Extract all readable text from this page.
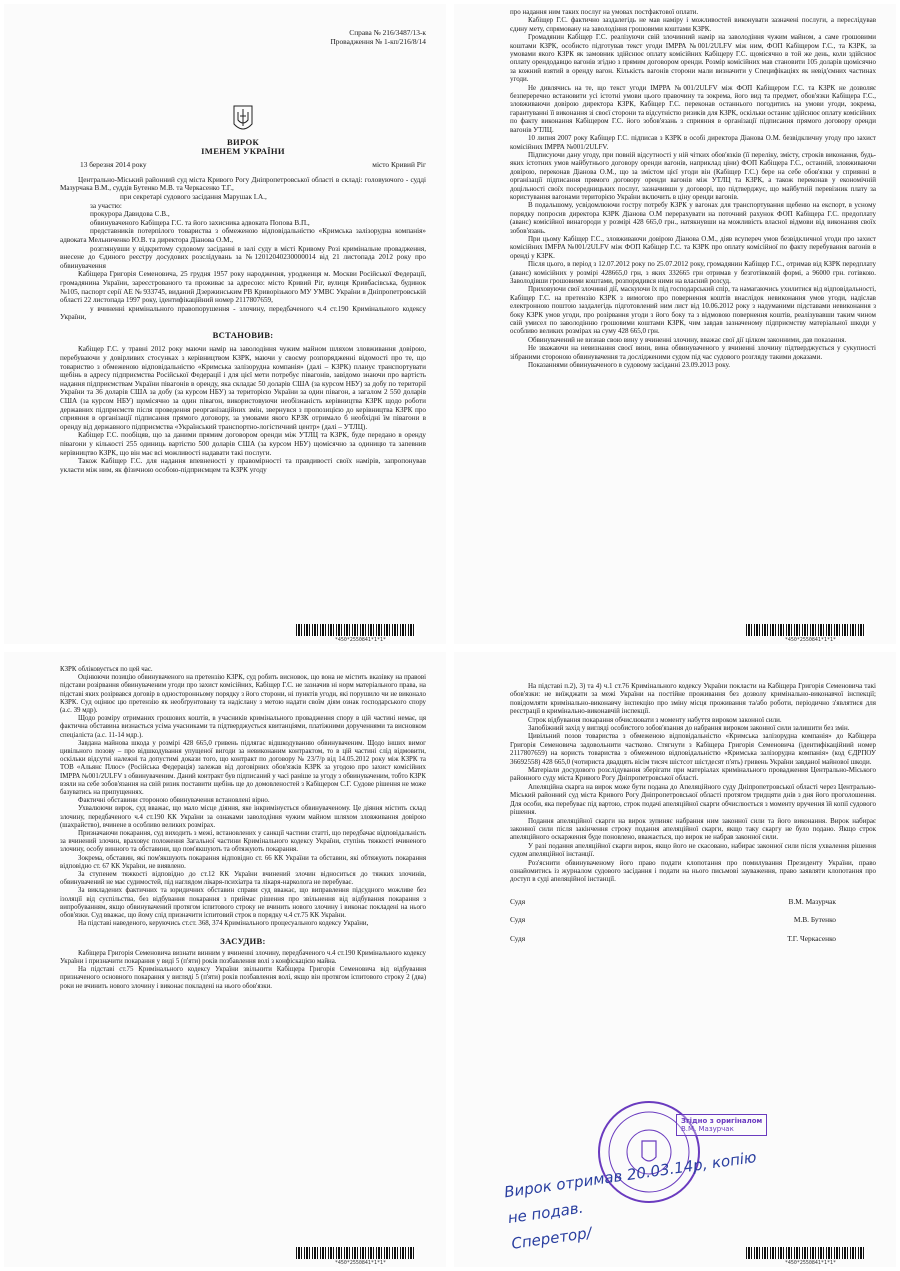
Справа № 216/3487/13-к
Провадження № 1-кп/216/8/14
ВИРОК
ІМЕНЕМ УКРАЇНИ
13 березня 2014 року	місто Кривий Ріг

Центрально-Міський районний суд міста Кривого Рогу Дніпропетровської області в складі: головуючого - судді Мазурчака В.М., суддів Бутенко М.В. та Черкасенко Т.Г.,

при секретарі судового засідання Марушак І.А.,

за участю:

прокурора Давидова С.В.,

обвинуваченого Кабіщера Г.С. та його захисника адвоката Попова В.П.,

представників потерпілого товариства з обмеженою відповідальністю «Кримська залізорудна компанія» адвоката Мельниченко Ю.В. та директора Діанова О.М.,

розглянувши у відкритому судовому засіданні в залі суду в місті Кривому Розі кримінальне провадження, внесене до Єдиного реєстру досудових розслідувань за №12012040230000014 від 21 листопада 2012 року про обвинувачення

Кабіщера Григорія Семеновича, 25 грудня 1957 року народження, уродженця м. Москви Російської Федерації, громадянина України, зареєстрованого та проживає за адресою: місто Кривий Ріг, вулиця Кривбасівська, будинок №105, паспорт серії АЕ № 933745, виданий Дзержинським РВ Криворізького МУ УМВС України в Дніпропетровській області 22 листопада 1997 року, ідентифікаційний номер 2117807659,

у вчиненні кримінального правопорушення - злочину, передбаченого ч.4 ст.190 Кримінального кодексу України,

ВСТАНОВИВ:

Кабіщер Г.С. у травні 2012 року маючи намір на заволодіння чужим майном шляхом зловживання довірою, перебуваючи у довірливих стосунках з керівництвом КЗРК, маючи у своєму розпорядженні відомості про те, що товариство з обмеженою відповідальністю «Кримська залізорудна компанія» (далі – КЗРК) планує транспортувати щебінь в адресу підприємства Російської Федерації і для цієї мети потребує півагонів, завідомо знаючи про вартість надання підприємствам України півагонів в оренду, яка складає 50 доларів США (за курсом НБУ) за добу по території України та 36 доларів США за добу (за курсом НБУ) за територією України за один півагон, а загалом 2 550 доларів США (за курсом НБУ) щомісячно за один півагон, використовуючи необізнаність керівництва КЗРК щодо роботи державних підприємств після проведення реорганізаційних змін, звернувся з пропозицією до керівництва КЗРК про сприяння в організації підписання прямого договору, за умовами якого КРЗК отримало б необхідні їм півагони в оренду від державного підприємства «Український транспортно-логістичний центр» (далі – УТЛЦ).

Кабіщер Г.С. пообіцяв, що за даними прямим договором оренди між УТЛЦ та КЗРК, буде переданo в оренду півагони у кількості 255 одиниць вартістю 500 доларів США (за курсом НБУ) щомісячно за одиницю та запевнив керівництво КЗРК, що він має всі можливості надавати такі послуги.

Також Кабіщер Г.С. для надання впевненості у правомірності та правдивості своїх намірів, запропонував укласти між ним, як фізичною особою-підприємцем та КЗРК угоду

*450*2550841*1*1*

про надання ним таких послуг на умовах постфактової оплати.

Кабіщер Г.С. фактично заздалегідь не мав наміру і можливостей виконувати зазначені послуги, а переслідував єдину мету, спрямовану на заволодіння грошовими коштами КЗРК.

Громадянин Кабіщер Г.С. реалізуючи свій злочинний намір на заволодіння чужим майном, а саме грошовими коштами КЗРК, особисто підготував текст угоди ІМРРА №001/2ULFV між ним, ФОП Кабіщером Г.С., та КЗРК, за умовами якого КЗРК як замовник здійснює оплату комісійних Кабіщеру Г.С. щомісячно в той же день, коли здійснює оплату орендодавцю вагонів згідно з прямим договором оренди. Розмір комісійних мав становити 105 доларів щомісячно за кожний взятий в оренду вагон. Кількість вагонів сторони мали визначити у Специфікаціях як невід'ємних частинах угоди.

Не дивлячись на те, що текст угоди ІМРРА №001/2ULFV між ФОП Кабіщером Г.С. та КЗРК не дозволяє безпереречно встановити усі істотні умови цього правочину та зокрема, його вид та предмет, обов'язки Кабіщера Г.С., зловживаючи довірою директора КЗРК, Кабіщер Г.С. переконав останнього погодитись на умови угоди, зокрема, гарантуванні її виконання зі своєї сторони та відсутністю ризиків для КЗРК, оскільки останнє здійснює оплату комісійних по факту виконання Кабіщером Г.С. його зобов'язань з сприяння в організації підписання прямого договору оренди вагонів УТЛЦ.

10 липня 2007 року Кабіщер Г.С. підписав з КЗРК в особі директора Діанова О.М. безвідкличну угоду про захист комісійних ІМРРА №001/2ULFV.

Підписуючи дану угоду, при повній відсутності у ній чітких обов'язків (її переліку, змісту, строків виконання, будь-яких істотних умов майбутнього договору оренди вагонів, наприклад ціни) ФОП Кабіщера Г.С., останній, зловживаючи довірою, переконав Діанова О.М., що за змістом цієї угоди він (Кабіщер Г.С.) бере на себе обов'язки у сприянні в організації підписання прямого договору оренди вагонів між УТЛЦ та КЗРК, а також переконав у економічній доцільності своїх посередницьких послуг, зазначивши у договорі, що підтверджує, що майбутній перевізник плату за користування вагонами територією України включить в ціну оренди вагонів.

В подальшому, усвідомлюючи гостру потребу КЗРК у вагонах для транспортування щебеню на експорт, в усному порядку попросив директора КЗРК Діанова О.М перерахувати на поточний рахунок ФОП Кабіщера Г.С. предоплату (аванс) комісійної винагороди у розмірі 428 665,0 грн., натякнувши на можливість власної відмови від виконання своїх зобов'язань.

При цьому Кабіщер Г.С., зловживаючи довірою Діанова О.М., діяв всупереч умов безвідкличної угоди про захист комісійних IMFPA №001/2ULFV між ФОП Кабіщер Г.С. та КЗРК про оплату комісійної по факту перебування вагонів в оренді у КЗРК.

Після цього, в період з 12.07.2012 року по 25.07.2012 року, громадянин Кабіщер Г.С., отримав від КЗРК передплату (аванс) комісійних у розмірі 428665,0 грн, з яких 332665 грн отримав у безготівковій формі, а 96000 грн. готівкою. Заволодівши грошовими коштами, розпорядився ними на власний розсуд.

Приховуючи свої злочинні дії, маскуючи їх під господарський спір, та намагаючись ухилитися від відповідальності, Кабіщер Г.С. на претензію КЗРК з вимогою про повернення коштів внаслідок невиконання умов угоди, надіслав електронною поштою заздалегідь підготовлений ним лист від 10.06.2012 року з надуманими підставами невиконання з боку КЗРК умов угоди, про розірвання угоди з його боку та з відмовою повернення коштів, реалізувавши таким чином свій умисел по заволодінню грошовими коштами КЗРК, чим завдав зазначеному підприємству матеріальної шкоди у особливо великих розмірах на суму 428 665,0 грн.

Обвинувачений не визнав свою вину у вчиненні злочину, вважає свої дії цілком законними, дав показання.

Не зважаючи на невизнання своєї вини, вина обвинуваченого у вчиненні злочину підтверджується у сукупності зібраними стороною обвинувачення та дослідженими судом під час судового розгляду такими доказами.

Показаннями обвинуваченого в судовому засіданні 23.09.2013 року.

*450*2550841*1*1*

КЗРК обліковується по цей час.

Оцінюючи позицію обвинуваченого на претензію КЗРК, суд робить висновок, що вона не містить вказівку на правові підстави розірвання обвинуваченим угоди про захист комісійних, Кабіщер Г.С. не зазначив ні норм матеріального права, на підставі яких розірвався договір в односторонньому порядку з його сторони, ні пунктів угоди, які порушило чи не виконало КЗРК. Суд оцінює цю претензію як необґрунтовану та надіслану з метою надати своїм діям ознак господарського спору (а.с. 39 мдр).

Щодо розміру отриманих грошових коштів, в учасників кримінального провадження спору в цій частині немає, ця фактична обставина визнається усіма учасниками та підтверджується квитанціями, платіжними дорученнями та висновком спеціаліста (а.с. 11-14 мдр.).

Завдана майнова шкода у розмірі 428 665,0 гривень підлягає відшкодуванню обвинуваченим. Щодо інших вимог цивільного позову – про відшкодування упущеної вигоди за невиконаним контрактом, то в цій частині слід відмовити, оскільки відсутні належні та допустимі докази того, що контракт по договору № 23/7/р від 14.05.2012 року між КЗРК та ТОВ «Альянс Плюс» (Російська Федерація) залежав від договірних обов'язків КЗРК за угодою про захист комісійних ІМРРА №001/2ULFV з обвинуваченим. Даний контракт був підписаний у часі раніше за угоду з обвинуваченим, тобто КЗРК взяли на себе зобов'язання на свій ризик поставити щебінь ще до домовленостей з Кабіщером С.Г. Судове рішення не може базуватись на припущеннях.

Фактичні обставини стороною обвинувачення встановлені вірно.

Ухвалюючи вирок, суд вважає, що мало місце діяння, яке інкримінується обвинуваченому. Це діяння містить склад злочину, передбаченого ч.4 ст.190 КК України за ознаками заволодіння чужим майном шляхом зловживання довірою (шахрайство), вчинене в особливо великих розмірах.

Призначаючи покарання, суд виходить з межі, встановлених у санкції частини статті, що передбачає відповідальність за вчинений злочин, враховує положення Загальної частини Кримінального кодексу України, ступінь тяжкості вчиненого злочину, особу винного та обставини, що пом'якшують та обтяжують покарання.

Зокрема, обставин, які пом'якшують покарання відповідно ст. 66 КК України та обставин, які обтяжують покарання відповідно ст. 67 КК України, не виявлено.

За ступенем тяжкості відповідно до ст.12 КК України вчинений злочин відноситься до тяжких злочинів, обвинувачений не має судимостей, під наглядом лікаря-психіатра та лікаря-нарколога не перебуває.

За викладених фактичних та юридичних обставин справи суд вважає, що виправлення підсудного можливе без ізоляції від суспільства, без відбування покарання з приймає рішення про звільнення від відбування покарання з випробуванням, якщо обвинувачений протягом іспитового строку не вчинить нового злочину і виконає покладені на нього обов'язки. Суд вважає, що йому слід призначити іспитовий строк в порядку ч.4 ст.75 КК України.

На підставі наведеного, керуючись ст.ст. 368, 374 Кримінального процесуального кодексу України,

ЗАСУДИВ:

Кабіщера Григорія Семеновича визнати винним у вчиненні злочину, передбаченого ч.4 ст.190 Кримінального кодексу України і призначити покарання у виді 5 (п'яти) років позбавлення волі з конфіскацією майна.

На підставі ст.75 Кримінального кодексу України звільнити Кабіщера Григорія Семеновича від відбування призначеного основного покарання у вигляді 5 (п'яти) років позбавлення волі, якщо він протягом іспитового строку 2 (два) роки не вчинить нового злочину і виконає покладені на нього обов'язки.

*450*2550841*1*1*

На підставі п.2), 3) та 4) ч.1 ст.76 Кримінального кодексу України покласти на Кабіщера Григорія Семеновича такі обов'язки: не виїжджати за межі України на постійне проживання без дозволу кримінально-виконавчої інспекції; повідомляти кримінально-виконавчу інспекцію про зміну місця проживання та/або роботи, періодично з'являтися для реєстрації в кримінально-виконавчій інспекції.

Строк відбування покарання обчислювати з моменту набуття вироком законної сили.

Запобіжний захід у вигляді особистого зобов'язання до набрання вироком законної сили залишити без змін.

Цивільний позов товариства з обмеженою відповідальністю «Кримська залізорудна компанія» до Кабіщера Григорія Семеновича задовольнити частково. Стягнути з Кабіщера Григорія Семеновича (ідентифікаційний номер 2117807659) на користь товариства з обмеженою відповідальністю «Кримська залізорудна компанія» (код ЄДРПОУ 36692558) 428 665,0 (чотириста двадцять вісім тисяч шістсот шістдесят п'ять) гривень України завданої майнової шкоди.

Матеріали досудового розслідування зберігати при матеріалах кримінального провадження Центрально-Міського районного суду міста Кривого Рогу Дніпропетровської області.

Апеляційна скарга на вирок може бути подана до Апеляційного суду Дніпропетровської області через Центрально-Міський районний суд міста Кривого Рогу Дніпропетровської області протягом тридцяти днів з дня його проголошення. Для особи, яка перебуває під вартою, строк подачі апеляційної скарги обчислюється з моменту вручення їй копії судового рішення.

Подання апеляційної скарги на вирок зупиняє набрання ним законної сили та його виконання. Вирок набирає законної сили після закінчення строку подання апеляційної скарги, якщо таку скаргу не було подано. Якщо строк апеляційного оскарження буде поновлено, вважається, що вирок не набрав законної сили.

У разі подання апеляційної скарги вирок, якщо його не скасовано, набирає законної сили після ухвалення рішення судом апеляційної інстанції.

Роз'яснити обвинуваченому його право подати клопотання про помилування Президенту України, право ознайомитись із журналом судового засідання і подати на нього письмові зауваження, право заявляти клопотання про доступ в суді апеляційної інстанції.

Судя	В.М. Мазурчак
Судя	М.В. Бутенко
Судя	Т.Г. Черкасенко
Згідно з оригіналом
В.М. Мазурчак
Вирок отримав 20.03.14р, копію
не подав.
Сперетор/
*450*2550841*1*1*
